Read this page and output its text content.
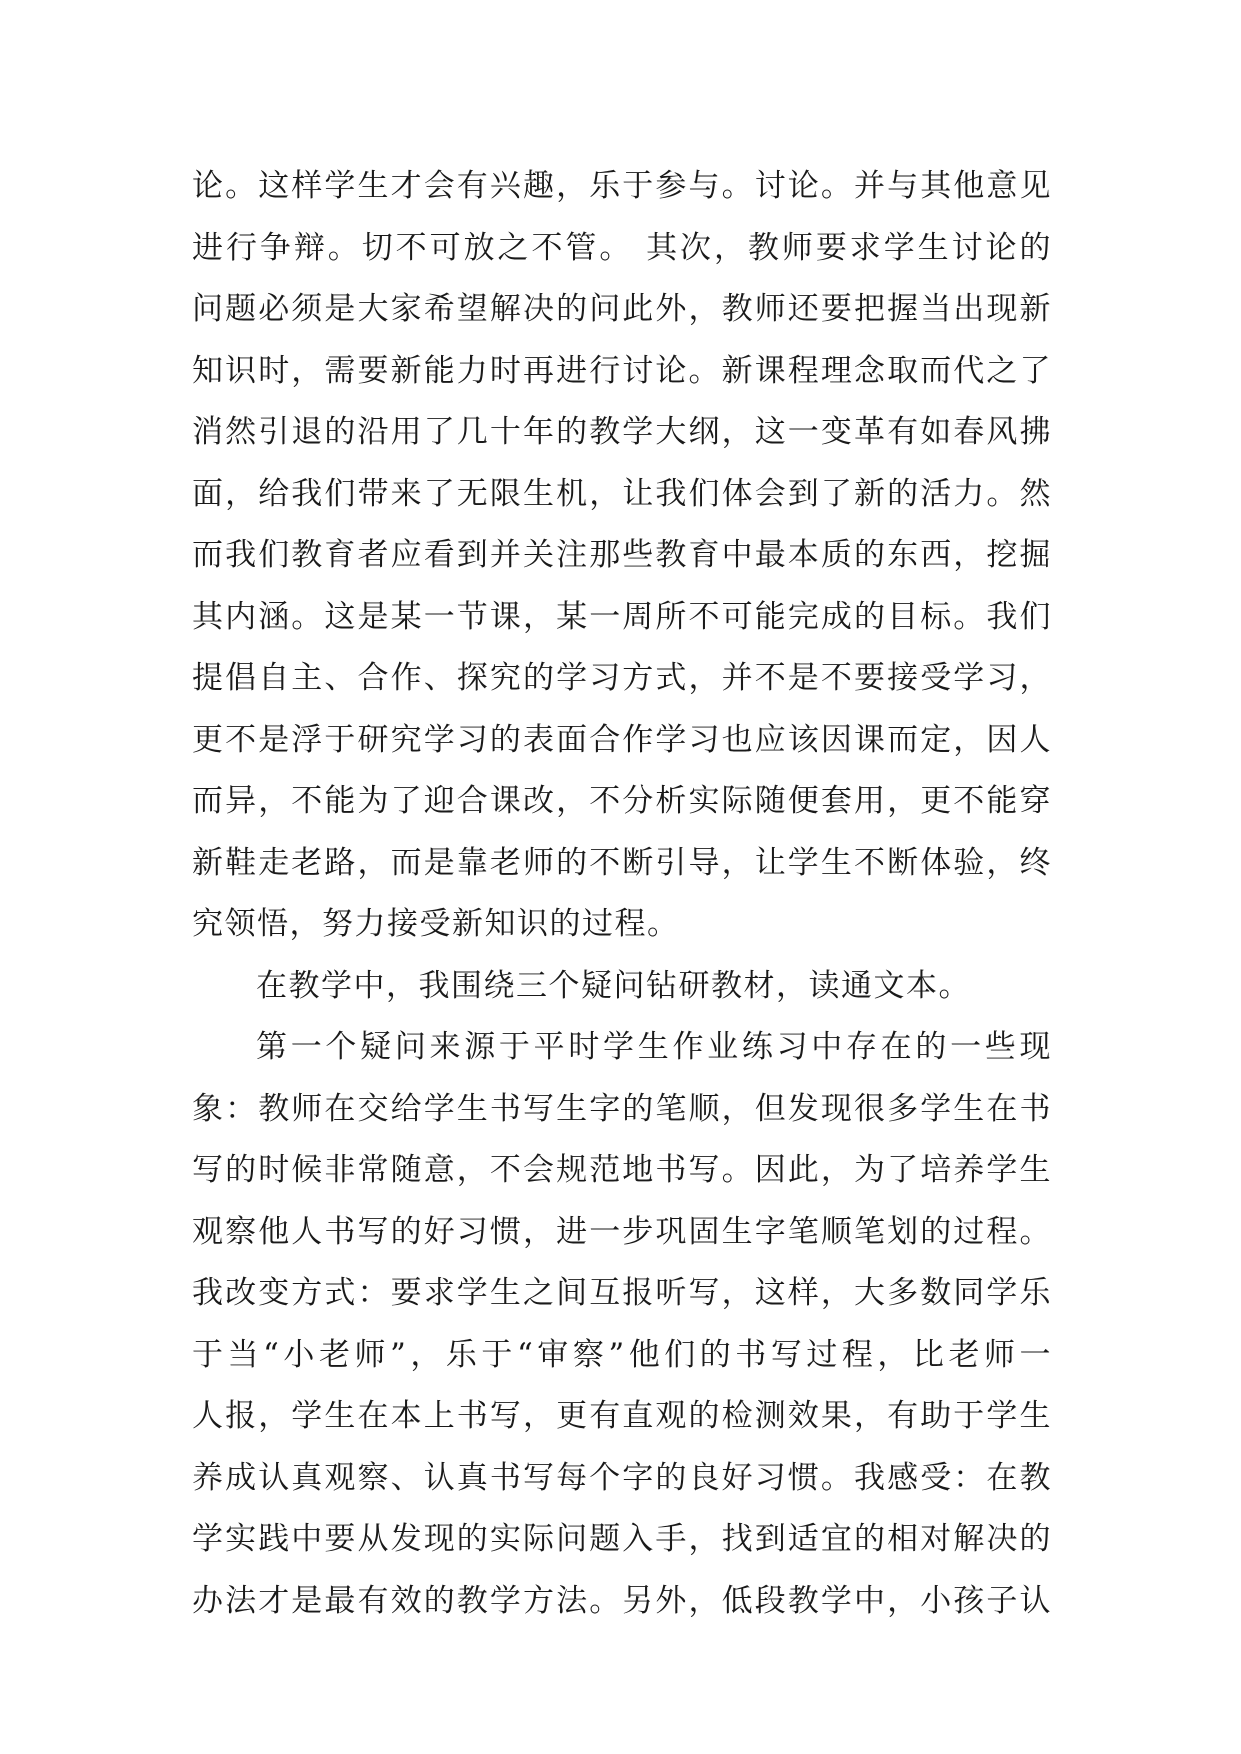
论。这样学生才会有兴趣，乐于参与。讨论。并与其他意见
进行争辩。切不可放之不管。 其次，教师要求学生讨论的
问题必须是大家希望解决的问此外，教师还要把握当出现新
知识时，需要新能力时再进行讨论。新课程理念取而代之了
消然引退的沿用了几十年的教学大纲，这一变革有如春风拂
面，给我们带来了无限生机，让我们体会到了新的活力。然
而我们教育者应看到并关注那些教育中最本质的东西，挖掘
其内涵。这是某一节课，某一周所不可能完成的目标。我们
提倡自主、合作、探究的学习方式，并不是不要接受学习，
更不是浮于研究学习的表面合作学习也应该因课而定，因人
而异，不能为了迎合课改，不分析实际随便套用，更不能穿
新鞋走老路，而是靠老师的不断引导，让学生不断体验，终
究领悟，努力接受新知识的过程。
在教学中，我围绕三个疑问钻研教材，读通文本。
第一个疑问来源于平时学生作业练习中存在的一些现
象：教师在交给学生书写生字的笔顺，但发现很多学生在书
写的时候非常随意，不会规范地书写。因此，为了培养学生
观察他人书写的好习惯，进一步巩固生字笔顺笔划的过程。
我改变方式：要求学生之间互报听写，这样，大多数同学乐
于当“小老师”，乐于“审察”他们的书写过程，比老师一
人报，学生在本上书写，更有直观的检测效果，有助于学生
养成认真观察、认真书写每个字的良好习惯。我感受：在教
学实践中要从发现的实际问题入手，找到适宜的相对解决的
办法才是最有效的教学方法。另外，低段教学中，小孩子认
